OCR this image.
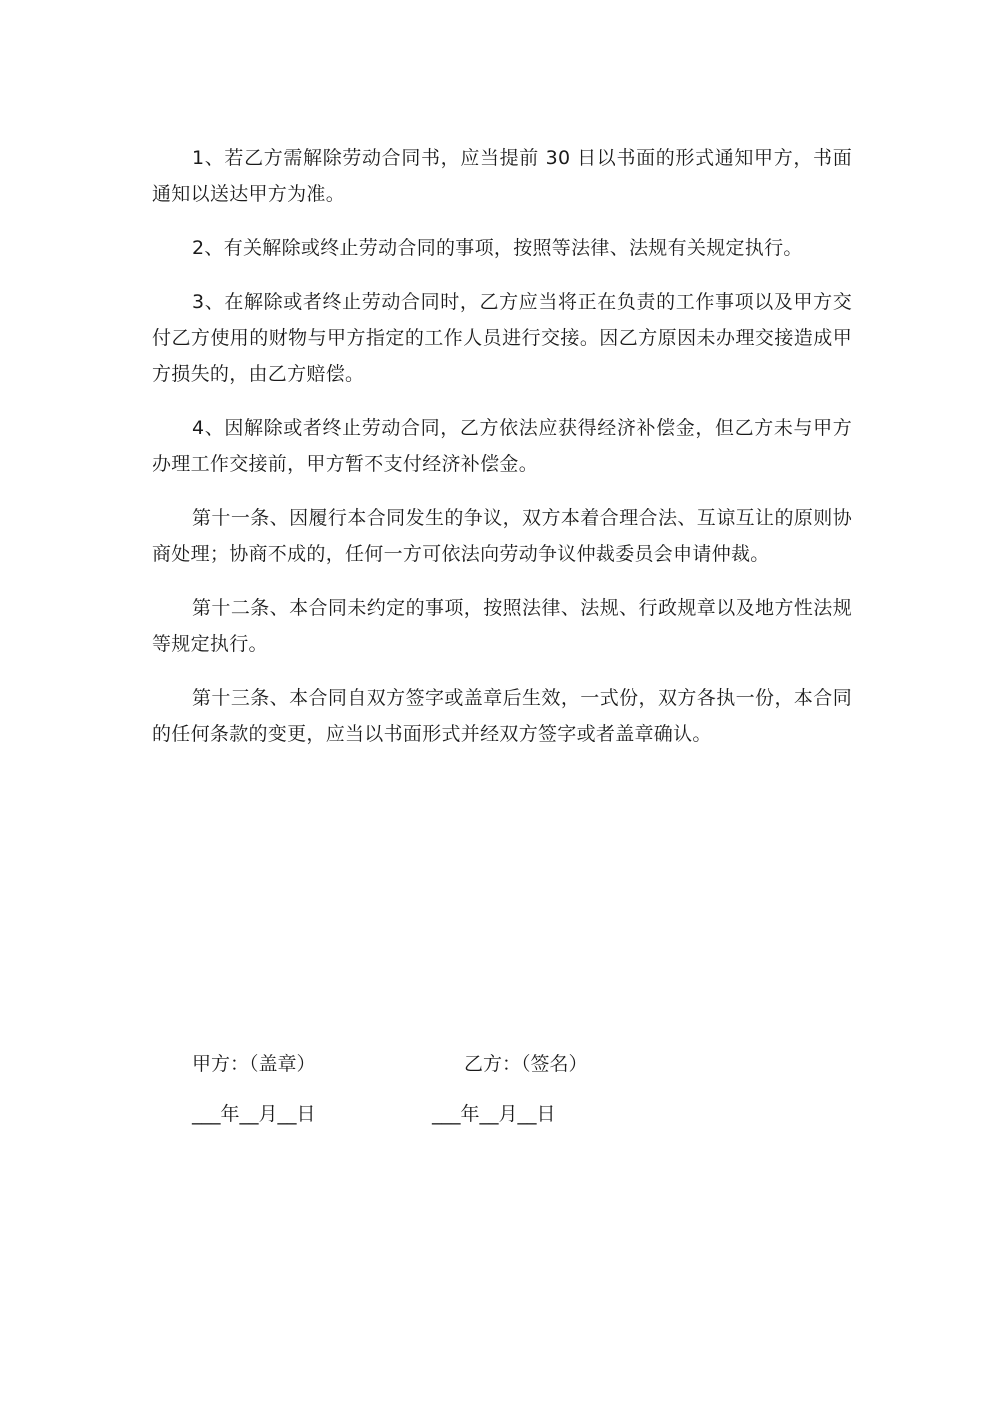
1、若乙方需解除劳动合同书，应当提前 30 日以书面的形式通知甲方，书面通知以送达甲方为准。

2、有关解除或终止劳动合同的事项，按照等法律、法规有关规定执行。

3、在解除或者终止劳动合同时，乙方应当将正在负责的工作事项以及甲方交付乙方使用的财物与甲方指定的工作人员进行交接。因乙方原因未办理交接造成甲方损失的，由乙方赔偿。

4、因解除或者终止劳动合同，乙方依法应获得经济补偿金，但乙方未与甲方办理工作交接前，甲方暂不支付经济补偿金。

第十一条、因履行本合同发生的争议，双方本着合理合法、互谅互让的原则协商处理；协商不成的，任何一方可依法向劳动争议仲裁委员会申请仲裁。

第十二条、本合同未约定的事项，按照法律、法规、行政规章以及地方性法规等规定执行。

第十三条、本合同自双方签字或盖章后生效，一式份，双方各执一份，本合同的任何条款的变更，应当以书面形式并经双方签字或者盖章确认。

甲方：（盖章）	乙方：（签名）
___年__月__日	___年__月__日
